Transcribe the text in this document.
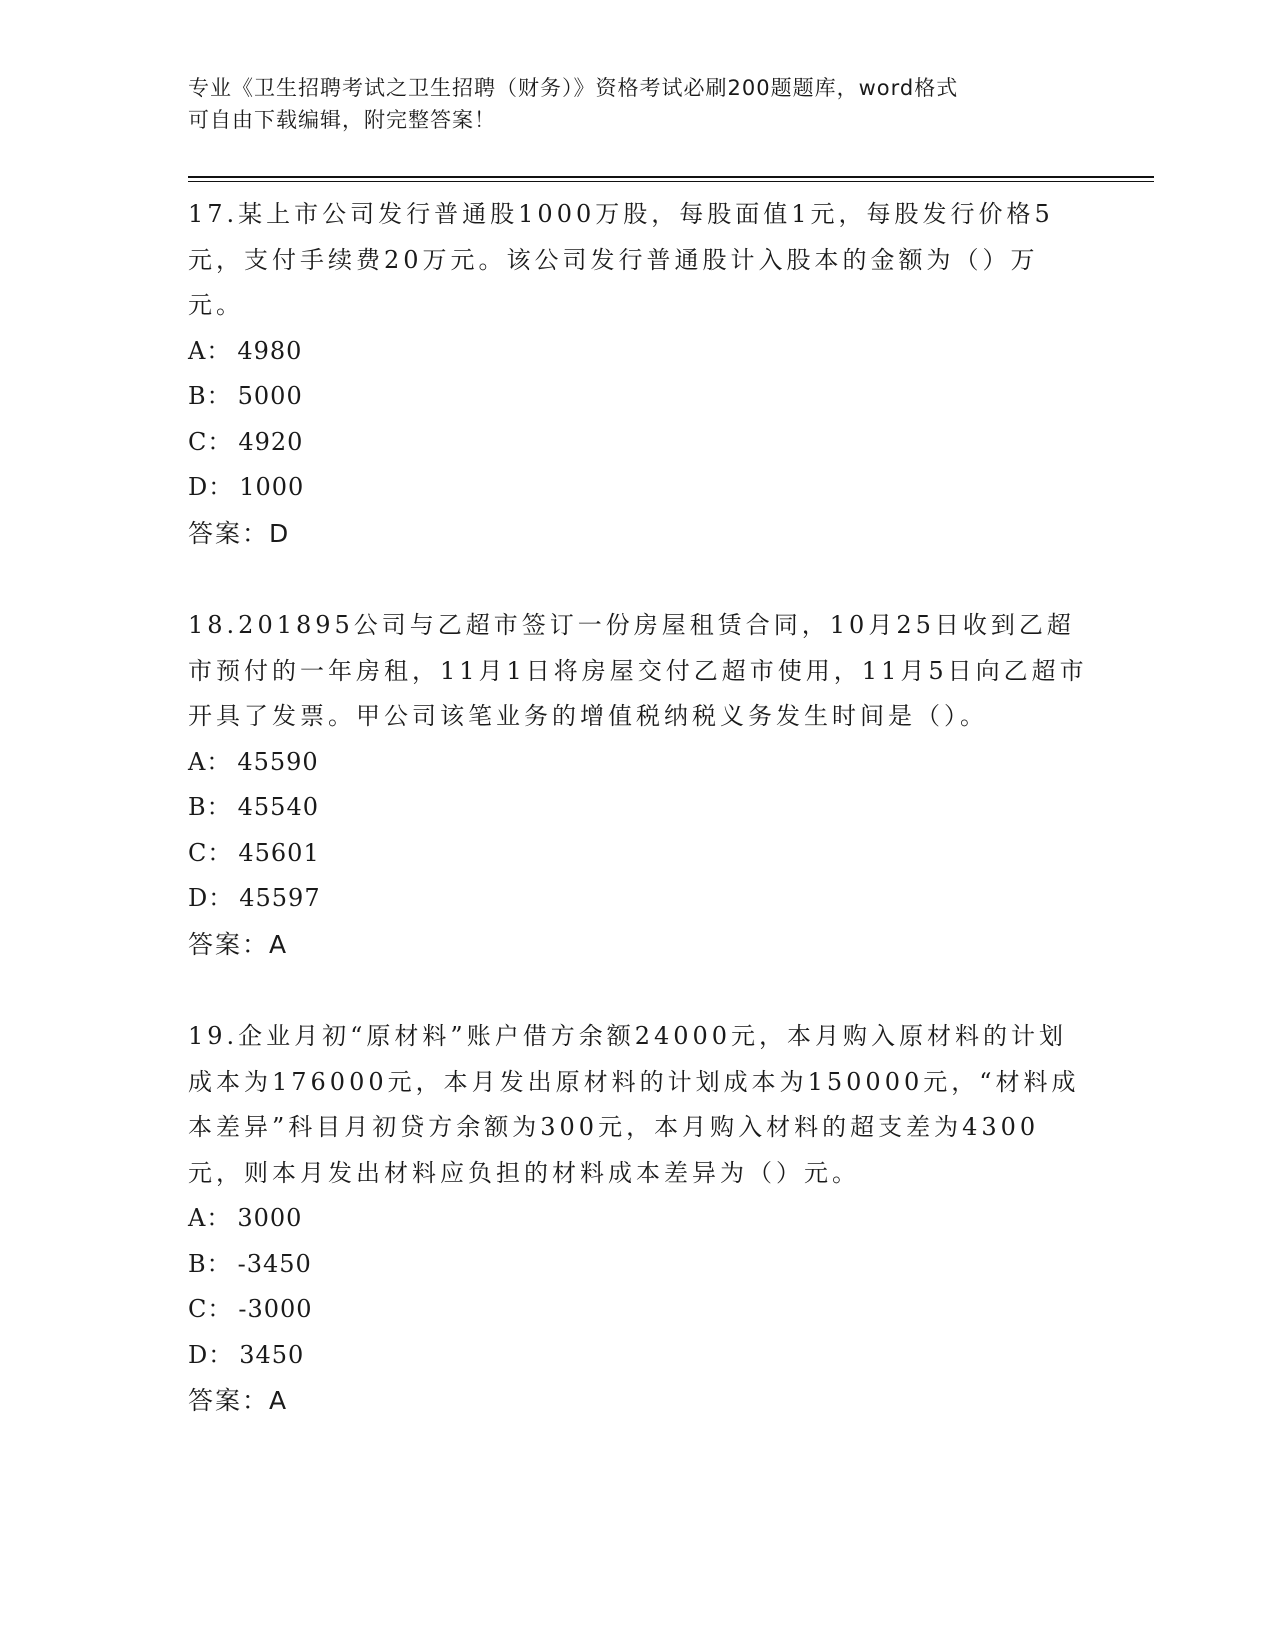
专业《卫生招聘考试之卫生招聘（财务）》资格考试必刷200题题库，word格式
可自由下载编辑，附完整答案！

17.某上市公司发行普通股1000万股，每股面值1元，每股发行价格5元，支付手续费20万元。该公司发行普通股计入股本的金额为（）万元。

A： 4980

B： 5000

C： 4920

D： 1000

答案：D

18.201895公司与乙超市签订一份房屋租赁合同，10月25日收到乙超市预付的一年房租，11月1日将房屋交付乙超市使用，11月5日向乙超市开具了发票。甲公司该笔业务的增值税纳税义务发生时间是（）。

A： 45590

B： 45540

C： 45601

D： 45597

答案：A

19.企业月初“原材料”账户借方余额24000元，本月购入原材料的计划成本为176000元，本月发出原材料的计划成本为150000元，“材料成本差异”科目月初贷方余额为300元，本月购入材料的超支差为4300元，则本月发出材料应负担的材料成本差异为（）元。

A： 3000

B： -3450

C： -3000

D： 3450

答案：A
